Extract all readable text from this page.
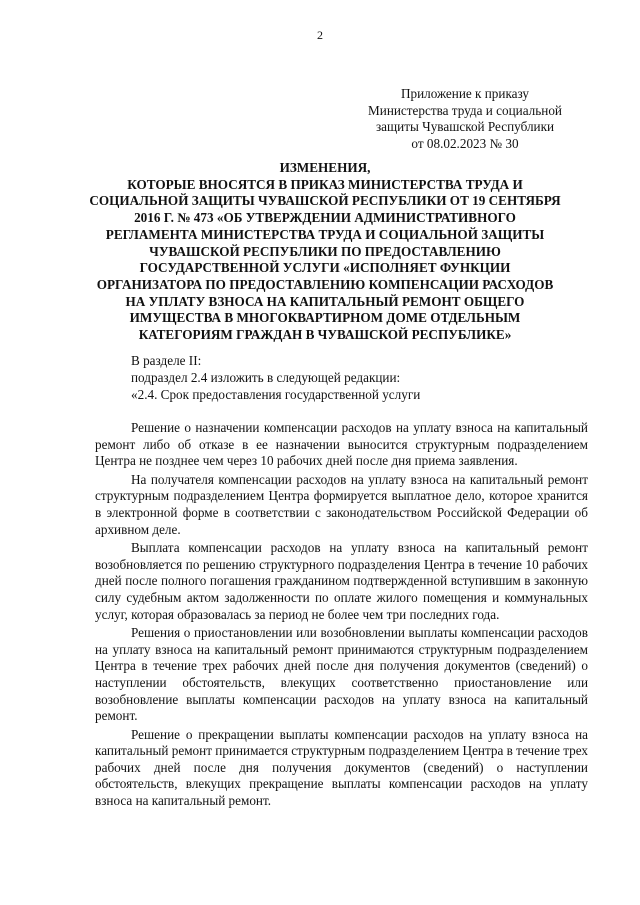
2
Приложение к приказу
Министерства труда и социальной
защиты Чувашской Республики
от 08.02.2023 № 30
ИЗМЕНЕНИЯ,
КОТОРЫЕ ВНОСЯТСЯ В ПРИКАЗ МИНИСТЕРСТВА ТРУДА И
СОЦИАЛЬНОЙ ЗАЩИТЫ ЧУВАШСКОЙ РЕСПУБЛИКИ ОТ 19 СЕНТЯБРЯ
2016 Г. № 473 «ОБ УТВЕРЖДЕНИИ АДМИНИСТРАТИВНОГО
РЕГЛАМЕНТА МИНИСТЕРСТВА ТРУДА И СОЦИАЛЬНОЙ ЗАЩИТЫ
ЧУВАШСКОЙ РЕСПУБЛИКИ ПО ПРЕДОСТАВЛЕНИЮ
ГОСУДАРСТВЕННОЙ УСЛУГИ «ИСПОЛНЯЕТ ФУНКЦИИ
ОРГАНИЗАТОРА ПО ПРЕДОСТАВЛЕНИЮ КОМПЕНСАЦИИ РАСХОДОВ
НА УПЛАТУ ВЗНОСА НА КАПИТАЛЬНЫЙ РЕМОНТ ОБЩЕГО
ИМУЩЕСТВА В МНОГОКВАРТИРНОМ ДОМЕ ОТДЕЛЬНЫМ
КАТЕГОРИЯМ ГРАЖДАН В ЧУВАШСКОЙ РЕСПУБЛИКЕ»
В разделе II:
подраздел 2.4 изложить в следующей редакции:
«2.4. Срок предоставления государственной услуги

Решение о назначении компенсации расходов на уплату взноса на капитальный ремонт либо об отказе в ее назначении выносится структурным подразделением Центра не позднее чем через 10 рабочих дней после дня приема заявления.

На получателя компенсации расходов на уплату взноса на капитальный ремонт структурным подразделением Центра формируется выплатное дело, которое хранится в электронной форме в соответствии с законодательством Российской Федерации об архивном деле.

Выплата компенсации расходов на уплату взноса на капитальный ремонт возобновляется по решению структурного подразделения Центра в течение 10 рабочих дней после полного погашения гражданином подтвержденной вступившим в законную силу судебным актом задолженности по оплате жилого помещения и коммунальных услуг, которая образовалась за период не более чем три последних года.

Решения о приостановлении или возобновлении выплаты компенсации расходов на уплату взноса на капитальный ремонт принимаются структурным подразделением Центра в течение трех рабочих дней после дня получения документов (сведений) о наступлении обстоятельств, влекущих соответственно приостановление или возобновление выплаты компенсации расходов на уплату взноса на капитальный ремонт.

Решение о прекращении выплаты компенсации расходов на уплату взноса на капитальный ремонт принимается структурным подразделением Центра в течение трех рабочих дней после дня получения документов (сведений) о наступлении обстоятельств, влекущих прекращение выплаты компенсации расходов на уплату взноса на капитальный ремонт.
